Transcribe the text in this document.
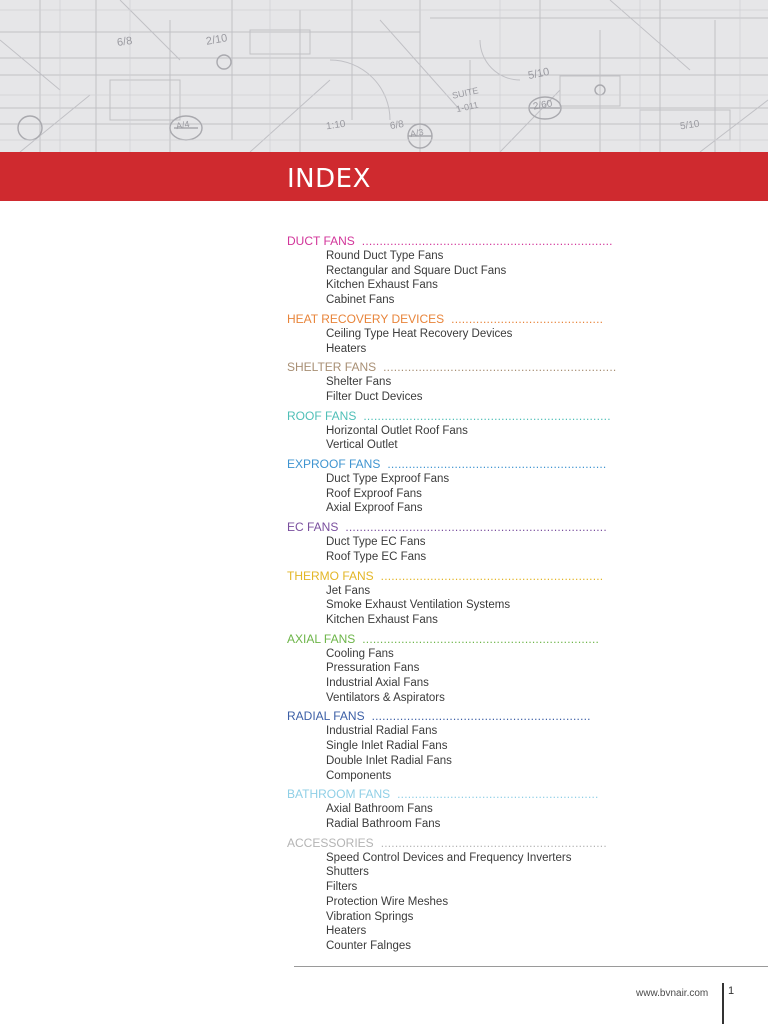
6/8	2/10
5/10
1:10	6/8
2/60
SUITE
1-011
A/4
A/3
5/10
INDEX
DUCT FANS .......................................................................
Round Duct Type Fans
Rectangular and Square Duct Fans
Kitchen Exhaust Fans
Cabinet Fans
HEAT RECOVERY DEVICES ...........................................
Ceiling Type Heat Recovery Devices
Heaters
SHELTER FANS ..................................................................
Shelter Fans
Filter Duct Devices
ROOF FANS ......................................................................
Horizontal Outlet Roof Fans
Vertical Outlet
EXPROOF FANS ..............................................................
Duct Type Exproof Fans
Roof Exproof Fans
Axial Exproof Fans
EC FANS ..........................................................................
Duct Type EC Fans
Roof Type EC Fans
THERMO FANS ...............................................................
Jet Fans
Smoke Exhaust Ventilation Systems
Kitchen Exhaust Fans
AXIAL FANS ...................................................................
Cooling Fans
Pressuration Fans
Industrial Axial Fans
Ventilators & Aspirators
RADIAL FANS ..............................................................
Industrial Radial Fans
Single Inlet Radial Fans
Double Inlet Radial Fans
Components
BATHROOM FANS .........................................................
Axial Bathroom Fans
Radial Bathroom Fans
ACCESSORIES ................................................................
Speed Control Devices and Frequency Inverters
Shutters
Filters
Protection Wire Meshes
Vibration Springs
Heaters
Counter Falnges
www.bvnair.com 1
